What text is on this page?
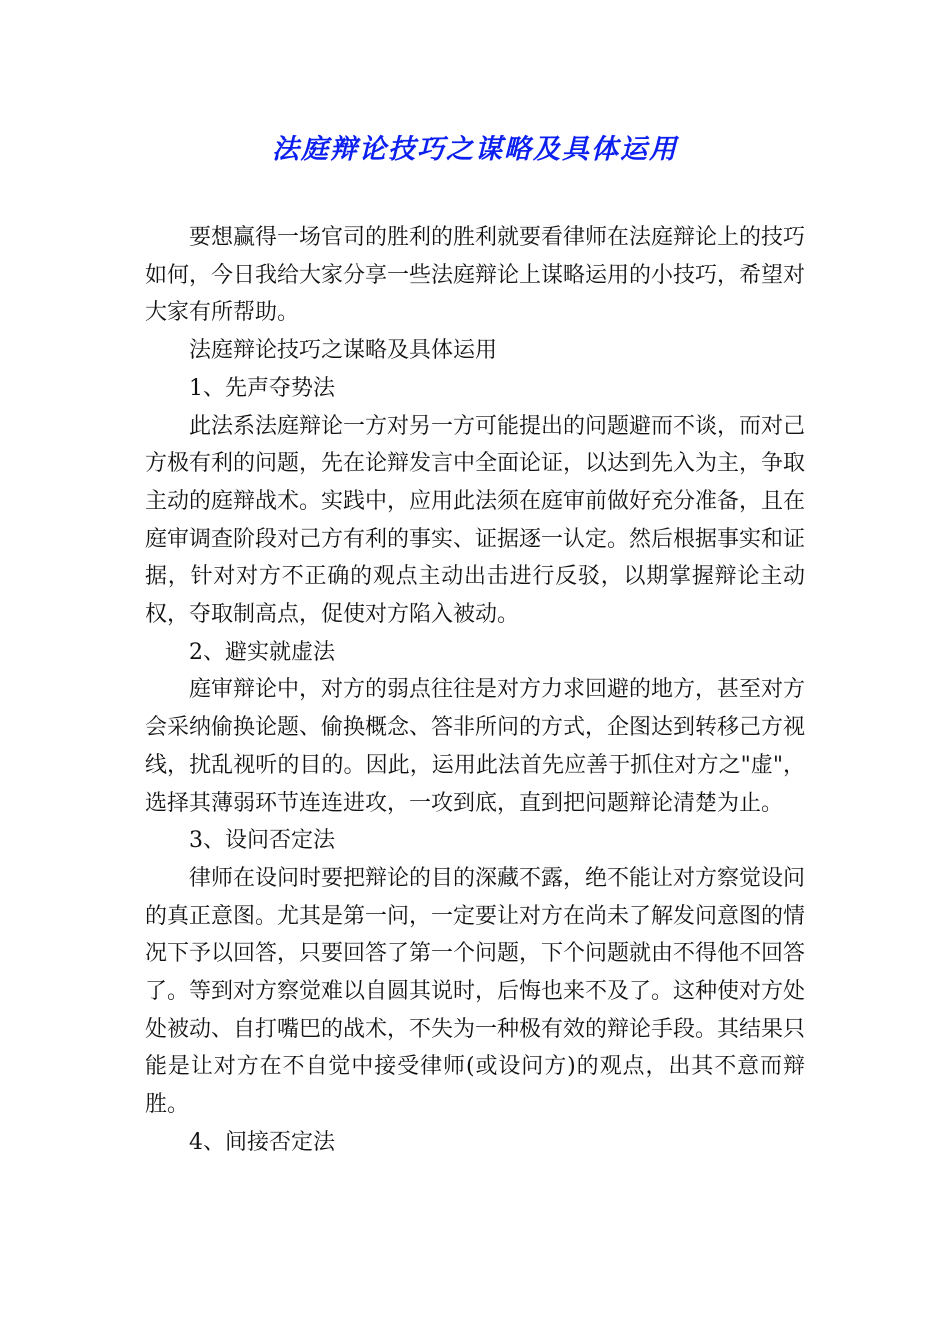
法庭辩论技巧之谋略及具体运用

要想赢得一场官司的胜利的胜利就要看律师在法庭辩论上的技巧如何，今日我给大家分享一些法庭辩论上谋略运用的小技巧，希望对大家有所帮助。

法庭辩论技巧之谋略及具体运用

1、先声夺势法

此法系法庭辩论一方对另一方可能提出的问题避而不谈，而对己方极有利的问题，先在论辩发言中全面论证，以达到先入为主，争取主动的庭辩战术。实践中，应用此法须在庭审前做好充分准备，且在庭审调查阶段对己方有利的事实、证据逐一认定。然后根据事实和证据，针对对方不正确的观点主动出击进行反驳，以期掌握辩论主动权，夺取制高点，促使对方陷入被动。

2、避实就虚法

庭审辩论中，对方的弱点往往是对方力求回避的地方，甚至对方会采纳偷换论题、偷换概念、答非所问的方式，企图达到转移己方视线，扰乱视听的目的。因此，运用此法首先应善于抓住对方之"虚"，选择其薄弱环节连连进攻，一攻到底，直到把问题辩论清楚为止。

3、设问否定法

律师在设问时要把辩论的目的深藏不露，绝不能让对方察觉设问的真正意图。尤其是第一问，一定要让对方在尚未了解发问意图的情况下予以回答，只要回答了第一个问题，下个问题就由不得他不回答了。等到对方察觉难以自圆其说时，后悔也来不及了。这种使对方处处被动、自打嘴巴的战术，不失为一种极有效的辩论手段。其结果只能是让对方在不自觉中接受律师(或设问方)的观点，出其不意而辩胜。

4、间接否定法
